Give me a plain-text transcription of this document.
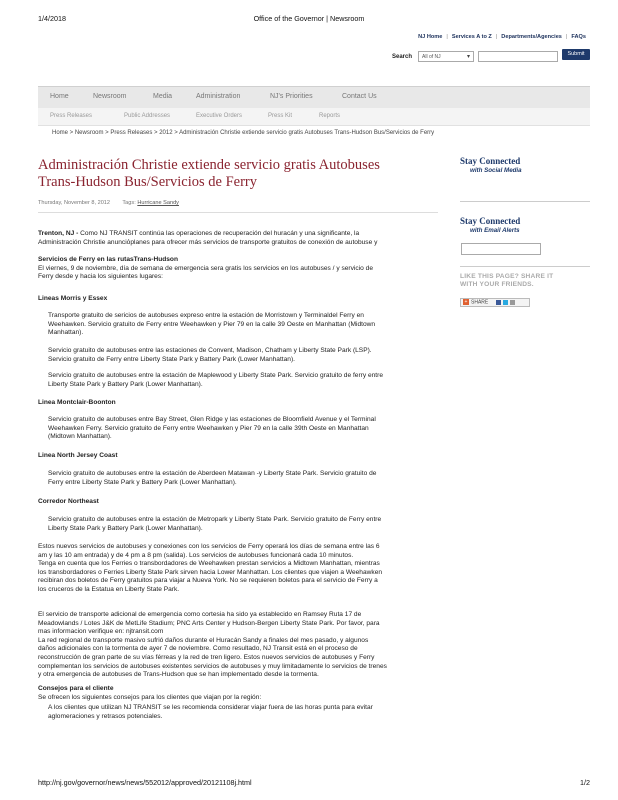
1/4/2018	Office of the Governor | Newsroom
NJ Home | Services A to Z | Departments/Agencies | FAQs
Search	All of NJ	▾	Submit
Home	Newsroom	Media	Administration	NJ's Priorities	Contact Us
Press Releases	Public Addresses	Executive Orders	Press Kit	Reports
Home > Newsroom > Press Releases > 2012 > Administración Christie extiende servicio gratis Autobuses Trans-Hudson Bus/Servicios de Ferry
Administración Christie extiende servicio gratis Autobuses
Trans-Hudson Bus/Servicios de Ferry
Thursday, November 8, 2012 Tags: Hurricane Sandy
Trenton, NJ - Como NJ TRANSIT continúa las operaciones de recuperación del huracán y una significante, la
Administración Christie anunciόplanes para ofrecer más servicios de transporte gratuitos de conexión de autobuse y
Servicios de Ferry en las rutasTrans-Hudson
El viernes, 9 de noviembre, día de semana de emergencia sera gratis los servicios en los autobuses / y servicio de
Ferry desde y hacia los siguientes lugares:
Lineas Morris y Essex
Transporte gratuito de sericios de autobuses expreso entre la estación de Morristown y Terminaldel Ferry en
Weehawken. Servicio gratuito de Ferry entre Weehawken y Pier 79 en la calle 39 Oeste en Manhattan (Midtown
Manhattan).
Servicio gratuito de autobuses entre las estaciones de Convent, Madison, Chatham y Liberty State Park (LSP).
Servicio gratuito de Ferry entre Liberty State Park y Battery Park (Lower Manhattan).
Servicio gratuito de autobuses entre la estación de Maplewood y Liberty State Park. Servicio gratuito de ferry entre
Liberty State Park y Battery Park (Lower Manhattan).
Linea Montclair-Boonton
Servicio gratuito de autobuses entre Bay Street, Glen Ridge y las estaciones de Bloomfield Avenue y el Terminal
Weehawken Ferry. Servicio gratuito de Ferry entre Weehawken y Pier 79 en la calle 39th Oeste en Manhattan
(Midtown Manhattan).
Linea North Jersey Coast
Servicio gratuito de autobuses entre la estación de Aberdeen Matawan -y Liberty State Park. Servicio gratuito de
Ferry entre Liberty State Park y Battery Park (Lower Manhattan).
Corredor Northeast
Servicio gratuito de autobuses entre la estación de Metropark y Liberty State Park. Servicio gratuito de Ferry entre
Liberty State Park y Battery Park (Lower Manhattan).
Estos nuevos servicios de autobuses y conexiones con los servicios de Ferry operará los días de semana entre las 6
am y las 10 am entrada) y de 4 pm a 8 pm (salida). Los servicios de autobuses funcionará cada 10 minutos.
Tenga en cuenta que los Ferries o transbordadores de Weehawken prestan servicios a Midtown Manhattan, mientras
los transbordadores o Ferries Liberty State Park sirven hacia Lower Manhattan. Los clientes que viajen a Weehawken
recibiran dos boletos de Ferry gratuitos para viajar a Nueva York. No se requieren boletos para el servicio de Ferry a
los cruceros de la Estatua en Liberty State Park.
El servicio de transporte adicional de emergencia como cortesia ha sido ya establecido en Ramsey Ruta 17 de
Meadowlands / Lotes J&K de MetLife Stadium; PNC Arts Center y Hudson-Bergen Liberty State Park. Por favor, para
mas informacion verifique en: njtransit.com
La red regional de transporte masivo sufrió daños durante el Huracán Sandy a finales del mes pasado, y algunos
daños adicionales con la tormenta de ayer 7 de noviembre. Como resultado, NJ Transit está en el proceso de
reconstrucción de gran parte de su vías férreas y la red de tren ligero. Estos nuevos servicios de autobuses y Ferry
complementan los servicios de autobuses existentes servicios de autobuses y muy limitadamente lo servicios de trenes
y otra emergencia de autobuses de Trans-Hudson que se han implementado desde la tormenta.
Consejos para el cliente
Se ofrecen los siguientes consejos para los clientes que viajan por la región:
A los clientes que utilizan NJ TRANSIT se les recomienda considerar viajar fuera de las horas punta para evitar
aglomeraciones y retrasos potenciales.
Stay Connected
with Social Media
Stay Connected
with Email Alerts
LIKE THIS PAGE? SHARE IT
WITH YOUR FRIENDS.
+ SHARE
http://nj.gov/governor/news/news/552012/approved/20121108j.html	1/2
